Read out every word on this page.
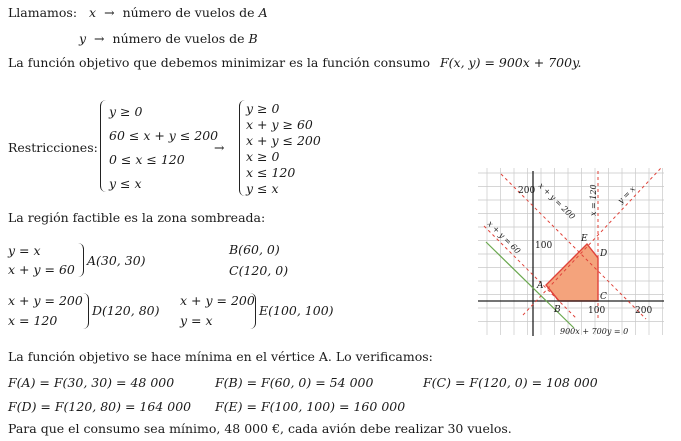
Llamamos: x → número de vuelos de A
y → número de vuelos de B
La función objetivo que debemos minimizar es la función consumo F(x, y) = 900x + 700y.
Restricciones:
y ≥ 0
60 ≤ x + y ≤ 200
0 ≤ x ≤ 120
y ≤ x
→
y ≥ 0
x + y ≥ 60
x + y ≤ 200
x ≥ 0
x ≤ 120
y ≤ x
La región factible es la zona sombreada:
y = x
x + y = 60
A(30, 30)
B(60, 0)
C(120, 0)
x + y = 200
x = 120
D(120, 80)
x + y = 200
y = x
E(100, 100)
La función objetivo se hace mínima en el vértice A. Lo verificamos:
F(A) = F(30, 30) = 48 000	F(B) = F(60, 0) = 54 000	F(C) = F(120, 0) = 108 000
F(D) = F(120, 80) = 164 000 F(E) = F(100, 100) = 160 000
Para que el consumo sea mínimo, 48 000 €, cada avión debe realizar 30 vuelos.
200
100
100	200
x + y = 200 x = 120 y = x
x + y = 60
900x + 700y = 0
A
B
C
D
E
